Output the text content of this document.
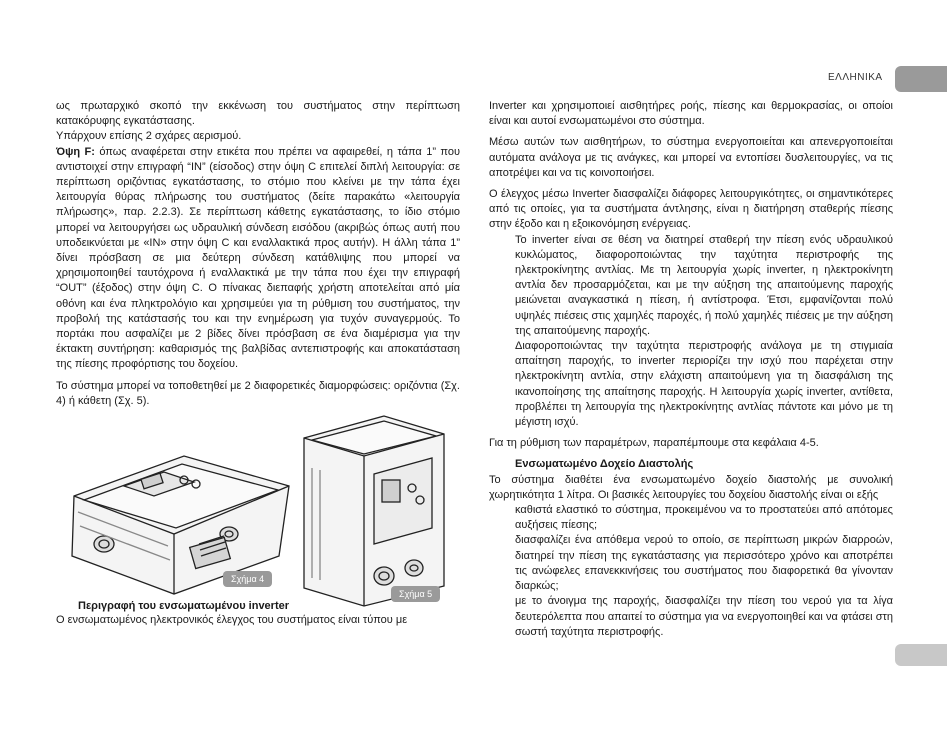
ΕΛΛΗΝΙΚΑ
ως πρωταρχικό σκοπό την εκκένωση του συστήματος στην περίπτωση κατακόρυφης εγκατάστασης.
Υπάρχουν επίσης 2 σχάρες αερισμού.
Όψη F: όπως αναφέρεται στην ετικέτα που πρέπει να αφαιρεθεί, η τάπα 1” που αντιστοιχεί στην επιγραφή “IN” (είσοδος) στην όψη C επιτελεί διπλή λειτουργία: σε περίπτωση οριζόντιας εγκατάστασης, το στόμιο που κλείνει με την τάπα έχει λειτουργία θύρας πλήρωσης του συστήματος (δείτε παρακάτω «λειτουργία πλήρωσης», παρ. 2.2.3). Σε περίπτωση κάθετης εγκατάστασης, το ίδιο στόμιο μπορεί να λειτουργήσει ως υδραυλική σύνδεση εισόδου (ακριβώς όπως αυτή που υποδεικνύεται με «IN» στην όψη C και εναλλακτικά προς αυτήν). Η άλλη τάπα 1” δίνει πρόσβαση σε μια δεύτερη σύνδεση κατάθλιψης που μπορεί να χρησιμοποιηθεί ταυτόχρονα ή εναλλακτικά με την τάπα που έχει την επιγραφή “OUT” (έξοδος) στην όψη C. Ο πίνακας διεπαφής χρήστη αποτελείται από μία οθόνη και ένα πληκτρολόγιο και χρησιμεύει για τη ρύθμιση του συστήματος, την προβολή της κατάστασής του και την ενημέρωση για τυχόν συναγερμούς. Το πορτάκι που ασφαλίζει με 2 βίδες δίνει πρόσβαση σε ένα διαμέρισμα για την έκτακτη συντήρηση: καθαρισμός της βαλβίδας αντεπιστροφής και αποκατάσταση της πίεσης προφόρτισης του δοχείου.
Το σύστημα μπορεί να τοποθετηθεί με 2 διαφορετικές διαμορφώσεις: οριζόντια (Σχ. 4) ή κάθετη (Σχ. 5).
Σχήμα 4
Σχήμα 5
Περιγραφή του ενσωματωμένου inverter
Ο ενσωματωμένος ηλεκτρονικός έλεγχος του συστήματος είναι τύπου με
Inverter και χρησιμοποιεί αισθητήρες ροής, πίεσης και θερμοκρασίας, οι οποίοι είναι και αυτοί ενσωματωμένοι στο σύστημα.
Μέσω αυτών των αισθητήρων, το σύστημα ενεργοποιείται και απενεργοποιείται αυτόματα ανάλογα με τις ανάγκες, και μπορεί να εντοπίσει δυσλειτουργίες, να τις αποτρέψει και να τις κοινοποιήσει.
Ο έλεγχος μέσω Inverter διασφαλίζει διάφορες λειτουργικότητες, οι σημαντικότερες από τις οποίες, για τα συστήματα άντλησης, είναι η διατήρηση σταθερής πίεσης στην έξοδο και η εξοικονόμηση ενέργειας.
Το inverter είναι σε θέση να διατηρεί σταθερή την πίεση ενός υδραυλικού κυκλώματος, διαφοροποιώντας την ταχύτητα περιστροφής της ηλεκτροκίνητης αντλίας. Με τη λειτουργία χωρίς inverter, η ηλεκτροκίνητη αντλία δεν προσαρμόζεται, και με την αύξηση της απαιτούμενης παροχής μειώνεται αναγκαστικά η πίεση, ή αντίστροφα. Έτσι, εμφανίζονται πολύ υψηλές πιέσεις στις χαμηλές παροχές, ή πολύ χαμηλές πιέσεις με την αύξηση της απαιτούμενης παροχής.
Διαφοροποιώντας την ταχύτητα περιστροφής ανάλογα με τη στιγμιαία απαίτηση παροχής, το inverter περιορίζει την ισχύ που παρέχεται στην ηλεκτροκίνητη αντλία, στην ελάχιστη απαιτούμενη για τη διασφάλιση της ικανοποίησης της απαίτησης παροχής. Η λειτουργία χωρίς inverter, αντίθετα, προβλέπει τη λειτουργία της ηλεκτροκίνητης αντλίας πάντοτε και μόνο με τη μέγιστη ισχύ.
Για τη ρύθμιση των παραμέτρων, παραπέμπουμε στα κεφάλαια 4-5.
Ενσωματωμένο Δοχείο Διαστολής
Το σύστημα διαθέτει ένα ενσωματωμένο δοχείο διαστολής με συνολική χωρητικότητα 1 λίτρα. Οι βασικές λειτουργίες του δοχείου διαστολής είναι οι εξής
καθιστά ελαστικό το σύστημα, προκειμένου να το προστατεύει από απότομες αυξήσεις πίεσης;
διασφαλίζει ένα απόθεμα νερού το οποίο, σε περίπτωση μικρών διαρροών, διατηρεί την πίεση της εγκατάστασης για περισσότερο χρόνο και αποτρέπει τις ανώφελες επανεκκινήσεις του συστήματος που διαφορετικά θα γίνονταν διαρκώς;
με το άνοιγμα της παροχής, διασφαλίζει την πίεση του νερού για τα λίγα δευτερόλεπτα που απαιτεί το σύστημα για να ενεργοποιηθεί και να φτάσει στη σωστή ταχύτητα περιστροφής.
